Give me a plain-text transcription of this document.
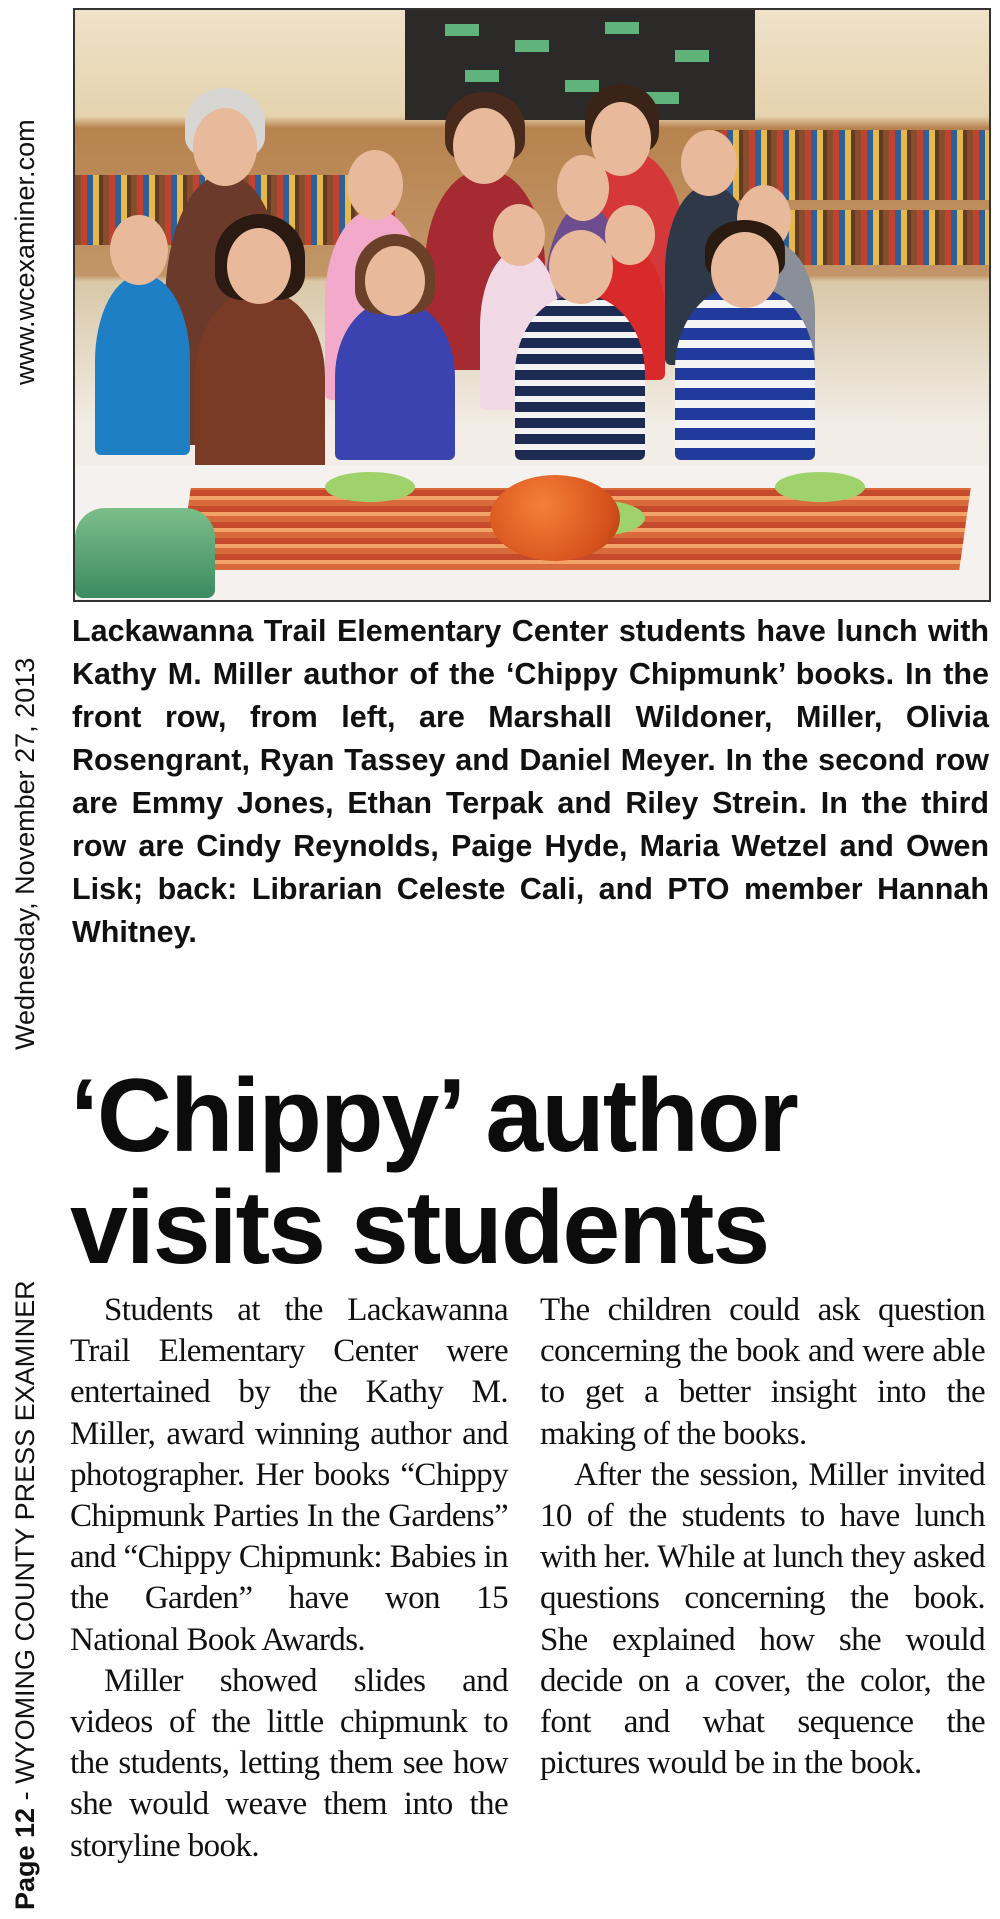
www.wcexaminer.com
Wednesday, November 27, 2013
Page 12 - WYOMING COUNTY PRESS EXAMINER
Lackawanna Trail Elementary Center students have lunch with Kathy M. Miller author of the ‘Chippy Chipmunk’ books. In the front row, from left, are Marshall Wildoner, Miller, Olivia Rosengrant, Ryan Tassey and Daniel Meyer. In the second row are Emmy Jones, Ethan Terpak and Riley Strein. In the third row are Cindy Reynolds, Paige Hyde, Maria Wetzel and Owen Lisk; back: Librarian Celeste Cali, and PTO member Hannah Whitney.
‘Chippy’ author
visits students

Students at the Lackawanna Trail Elementary Center were entertained by the Kathy M. Miller, award winning author and photographer. Her books “Chippy Chipmunk Parties In the Gardens” and “Chippy Chipmunk: Babies in the Garden” have won 15 National Book Awards.

Miller showed slides and videos of the little chipmunk to the students, letting them see how she would weave them into the storyline book.

The children could ask question concerning the book and were able to get a better insight into the making of the books.

After the session, Miller invited 10 of the students to have lunch with her. While at lunch they asked questions concerning the book. She explained how she would decide on a cover, the color, the font and what sequence the pictures would be in the book.
